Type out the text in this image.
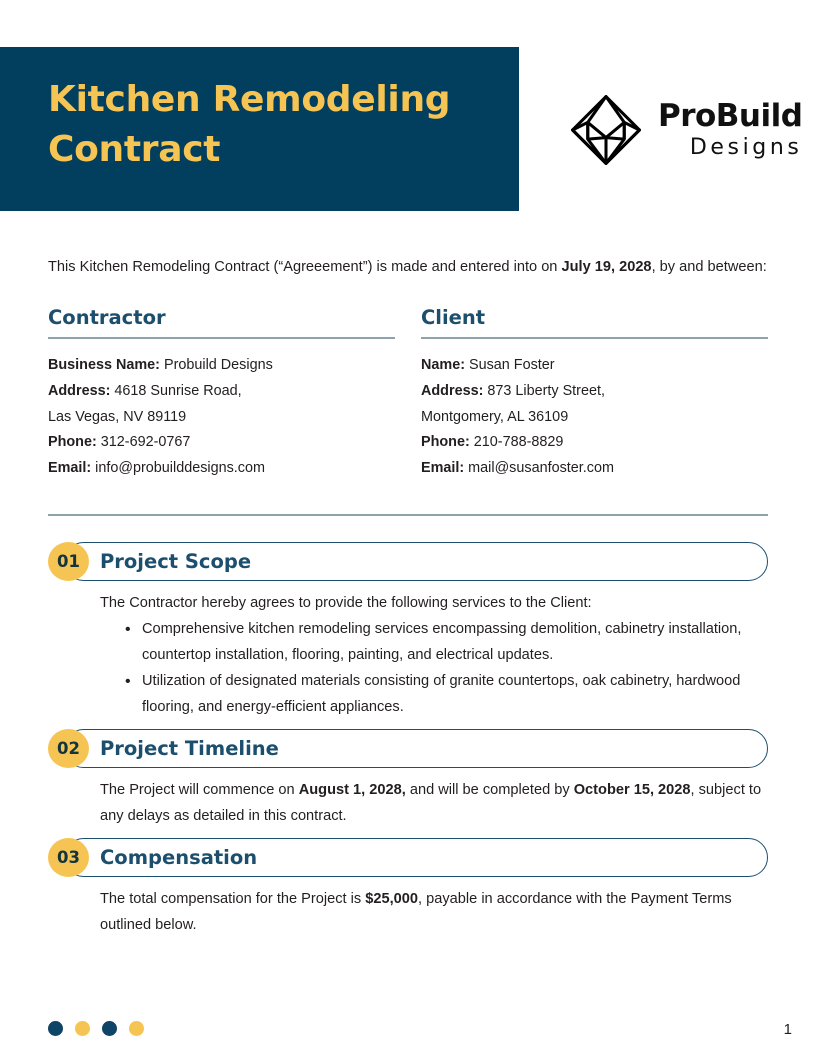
Kitchen Remodeling Contract
ProBuild
Designs

This Kitchen Remodeling Contract (“Agreeement”) is made and entered into on July 19, 2028, by and between:

Contractor
Business Name: Probuild Designs
Address: 4618 Sunrise Road,
Las Vegas, NV 89119
Phone: 312-692-0767
Email: info@probuilddesigns.com
Client
Name: Susan Foster
Address: 873 Liberty Street,
Montgomery, AL 36109
Phone: 210-788-8829
Email: mail@susanfoster.com
01	Project Scope

The Contractor hereby agrees to provide the following services to the Client:

• Comprehensive kitchen remodeling services encompassing demolition, cabinetry installation, countertop installation, flooring, painting, and electrical updates.
• Utilization of designated materials consisting of granite countertops, oak cabinetry, hardwood flooring, and energy-efficient appliances.
02	Project Timeline

The Project will commence on August 1, 2028, and will be completed by October 15, 2028, subject to any delays as detailed in this contract.

03	Compensation

The total compensation for the Project is $25,000, payable in accordance with the Payment Terms outlined below.

1
